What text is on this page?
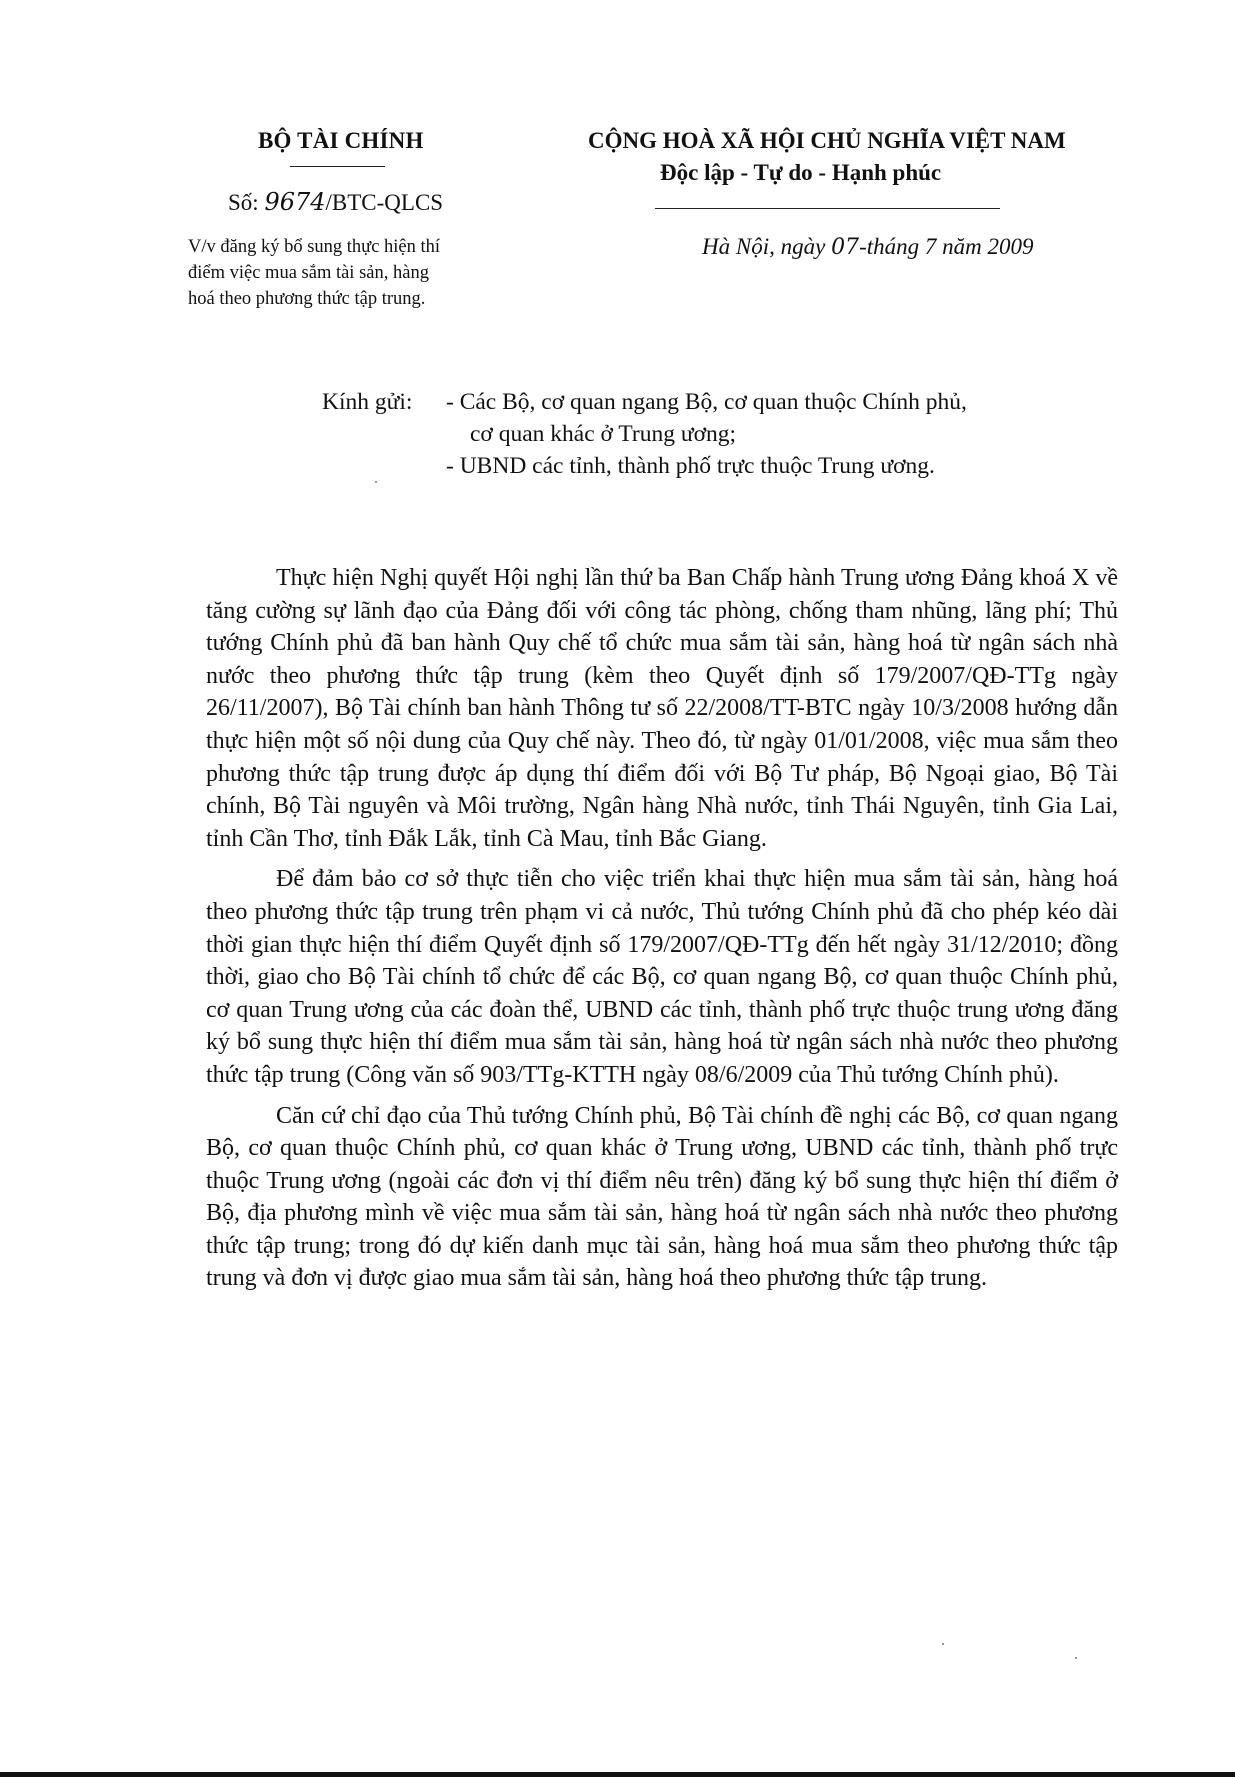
BỘ TÀI CHÍNH
Số: 9674/BTC-QLCS
V/v đăng ký bổ sung thực hiện thí
điểm việc mua sắm tài sản, hàng
hoá theo phương thức tập trung.
CỘNG HOÀ XÃ HỘI CHỦ NGHĨA VIỆT NAM
Độc lập - Tự do - Hạnh phúc
Hà Nội, ngày 07-tháng 7 năm 2009
Kính gửi: - Các Bộ, cơ quan ngang Bộ, cơ quan thuộc Chính phủ,
cơ quan khác ở Trung ương;
- UBND các tỉnh, thành phố trực thuộc Trung ương.

Thực hiện Nghị quyết Hội nghị lần thứ ba Ban Chấp hành Trung ương Đảng khoá X về tăng cường sự lãnh đạo của Đảng đối với công tác phòng, chống tham nhũng, lãng phí; Thủ tướng Chính phủ đã ban hành Quy chế tổ chức mua sắm tài sản, hàng hoá từ ngân sách nhà nước theo phương thức tập trung (kèm theo Quyết định số 179/2007/QĐ-TTg ngày 26/11/2007), Bộ Tài chính ban hành Thông tư số 22/2008/TT-BTC ngày 10/3/2008 hướng dẫn thực hiện một số nội dung của Quy chế này. Theo đó, từ ngày 01/01/2008, việc mua sắm theo phương thức tập trung được áp dụng thí điểm đối với Bộ Tư pháp, Bộ Ngoại giao, Bộ Tài chính, Bộ Tài nguyên và Môi trường, Ngân hàng Nhà nước, tỉnh Thái Nguyên, tỉnh Gia Lai, tỉnh Cần Thơ, tỉnh Đắk Lắk, tỉnh Cà Mau, tỉnh Bắc Giang.

Để đảm bảo cơ sở thực tiễn cho việc triển khai thực hiện mua sắm tài sản, hàng hoá theo phương thức tập trung trên phạm vi cả nước, Thủ tướng Chính phủ đã cho phép kéo dài thời gian thực hiện thí điểm Quyết định số 179/2007/QĐ-TTg đến hết ngày 31/12/2010; đồng thời, giao cho Bộ Tài chính tổ chức để các Bộ, cơ quan ngang Bộ, cơ quan thuộc Chính phủ, cơ quan Trung ương của các đoàn thể, UBND các tỉnh, thành phố trực thuộc trung ương đăng ký bổ sung thực hiện thí điểm mua sắm tài sản, hàng hoá từ ngân sách nhà nước theo phương thức tập trung (Công văn số 903/TTg-KTTH ngày 08/6/2009 của Thủ tướng Chính phủ).

Căn cứ chỉ đạo của Thủ tướng Chính phủ, Bộ Tài chính đề nghị các Bộ, cơ quan ngang Bộ, cơ quan thuộc Chính phủ, cơ quan khác ở Trung ương, UBND các tỉnh, thành phố trực thuộc Trung ương (ngoài các đơn vị thí điểm nêu trên) đăng ký bổ sung thực hiện thí điểm ở Bộ, địa phương mình về việc mua sắm tài sản, hàng hoá từ ngân sách nhà nước theo phương thức tập trung; trong đó dự kiến danh mục tài sản, hàng hoá mua sắm theo phương thức tập trung và đơn vị được giao mua sắm tài sản, hàng hoá theo phương thức tập trung.
